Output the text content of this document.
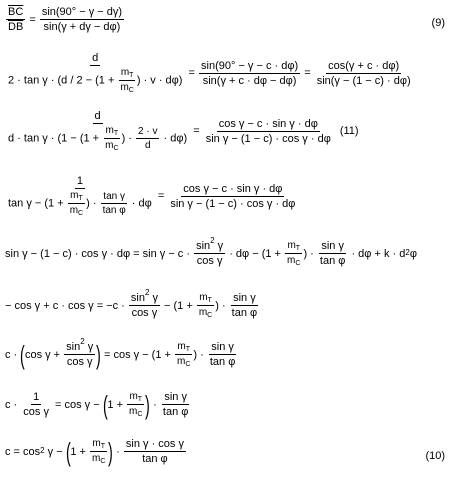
$\frac{\overline{BC}}{DB} = \frac{\sin(90^\circ - \gamma - d\gamma)}{\sin(\gamma + d\gamma - d\varphi)}$	(9)
d
$2 \cdot \tan \gamma \cdot (d / 2 - (1 + \frac{m_T}{m_C}$ ) · v · dφ)
= $\frac{\sin(90^\circ - \gamma - c \cdot d\varphi)}{\sin(\gamma + c \cdot d\varphi - d\varphi)} = \frac{\cos(\gamma + c \cdot d\varphi)}{\sin(\gamma - (1 - c) \cdot d\varphi)}$
d
$d \cdot \tan \gamma \cdot (1 - (1 + \frac{m_T}{m_C}$ ) · $\frac{2 \cdot v}{d} \cdot d\varphi$)
= $\frac{\text{cos γ − c · sin γ · dφ}}{\text{sin γ − (1 − c) · cos γ · dφ}} (11)$
1
$\tan \gamma - (1 + \frac{m_T}{m_C}$ ) · $\frac{\text{tan γ}}{\text{tan φ}} \cdot d\varphi$
= $\frac{\text{cos γ − c · sin γ · dφ}}{\text{sin γ − (1 − c) · cos γ · dφ}}$
$\sin \gamma - (1 - c) \cdot \cos \gamma \cdot d\varphi = \sin \gamma - c \cdot \frac{\sin^2 \gamma}{\text{cos γ}} \cdot d\varphi - (1 + \frac{m_T}{m_C}$ ) · $\frac{\text{sin γ}}{\text{tan φ}} \cdot d\varphi + k \cdot d^2$ φ
− $\cos \gamma + c \cdot \cos \gamma = -c \cdot \frac{\sin^2 \gamma}{\text{cos γ}} - (1 + \frac{m_T}{m_C}$ ) · $\frac{\text{sin γ}}{\text{tan φ}}$
c · ( $\cos \gamma + \frac{\sin^2 \gamma}{\text{cos γ}}$ ) = $\cos \gamma - (1 + \frac{m_T}{m_C}$ ) · $\frac{\text{sin γ}}{\text{tan φ}}$
$c \cdot \frac{1}{\text{cos γ}} = \cos \gamma$ − ( $1 + \frac{m_T}{m_C}$ ) · $\frac{\text{sin γ}}{\text{tan φ}}$
$c = \cos^2 \gamma$ − ( $1 + \frac{m_T}{m_C}$ ) · $\frac{\text{sin γ · cos γ}}{\text{tan φ}}$	(10)
